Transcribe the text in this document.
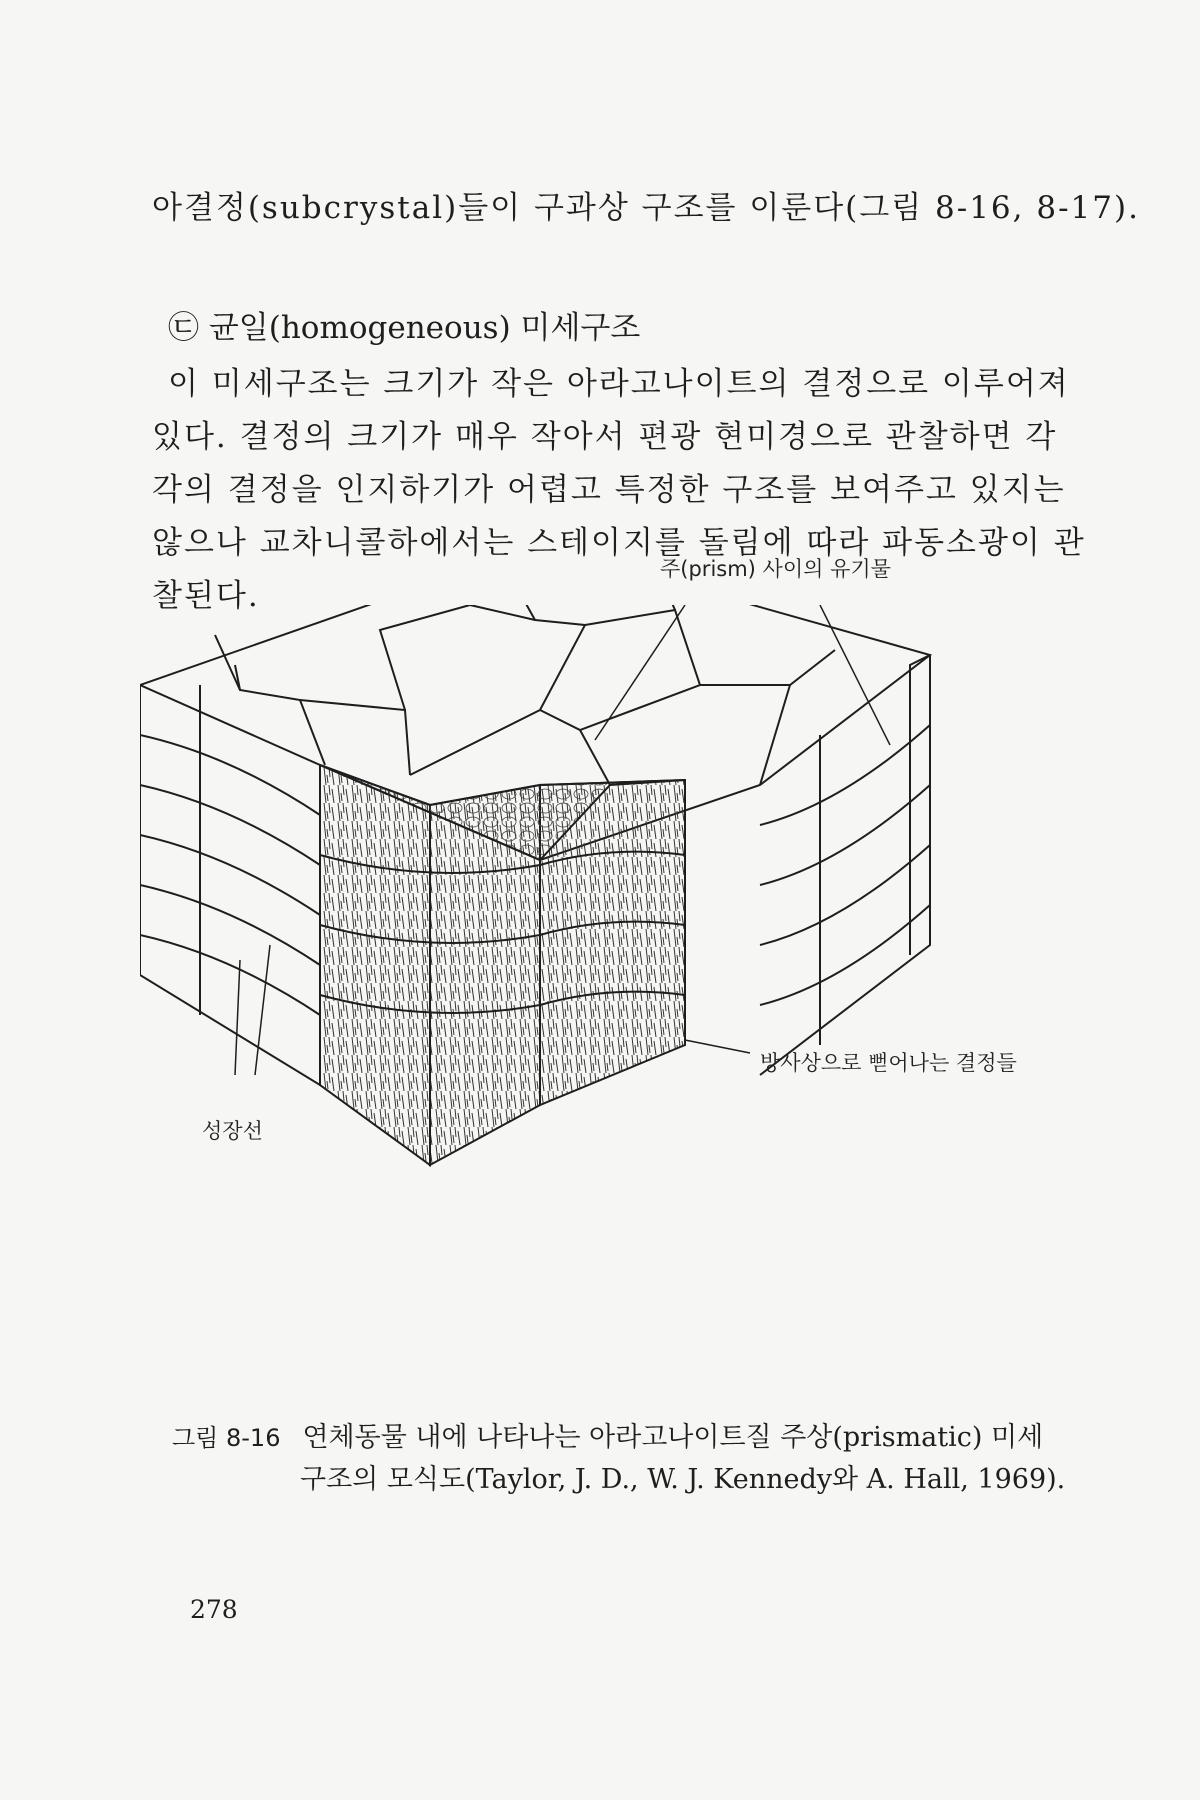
아결정(subcrystal)들이 구과상 구조를 이룬다(그림 8-16, 8-17).
㉢ 균일(homogeneous) 미세구조
이 미세구조는 크기가 작은 아라고나이트의 결정으로 이루어져
있다. 결정의 크기가 매우 작아서 편광 현미경으로 관찰하면 각
각의 결정을 인지하기가 어렵고 특정한 구조를 보여주고 있지는
않으나 교차니콜하에서는 스테이지를 돌림에 따라 파동소광이 관
찰된다.
주(prism) 사이의 유기물
성장선
방사상으로 뻗어나는 결정들
그림 8-16 연체동물 내에 나타나는 아라고나이트질 주상(prismatic) 미세
구조의 모식도(Taylor, J. D., W. J. Kennedy와 A. Hall, 1969).
278
